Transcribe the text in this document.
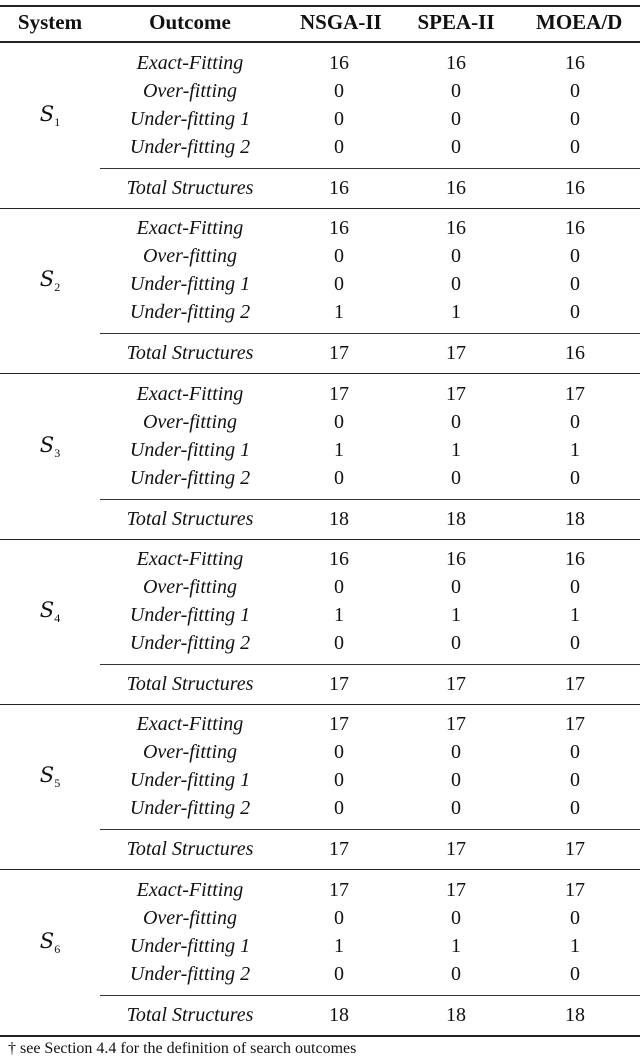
System	Outcome	NSGA-II SPEA-II MOEA/D
$S_1$
Exact-Fitting	16	16	16
Over-fitting	0	0	0
Under-fitting 1	0	0	0
Under-fitting 2	0	0	0
Total Structures	16	16	16
$S_2$
Exact-Fitting	16	16	16
Over-fitting	0	0	0
Under-fitting 1	0	0	0
Under-fitting 2	1	1	0
Total Structures	17	17	16
$S_3$
Exact-Fitting	17	17	17
Over-fitting	0	0	0
Under-fitting 1	1	1	1
Under-fitting 2	0	0	0
Total Structures	18	18	18
$S_4$
Exact-Fitting	16	16	16
Over-fitting	0	0	0
Under-fitting 1	1	1	1
Under-fitting 2	0	0	0
Total Structures	17	17	17
$S_5$
Exact-Fitting	17	17	17
Over-fitting	0	0	0
Under-fitting 1	0	0	0
Under-fitting 2	0	0	0
Total Structures	17	17	17
$S_6$
Exact-Fitting	17	17	17
Over-fitting	0	0	0
Under-fitting 1	1	1	1
Under-fitting 2	0	0	0
Total Structures	18	18	18
† see Section 4.4 for the definition of search outcomes
